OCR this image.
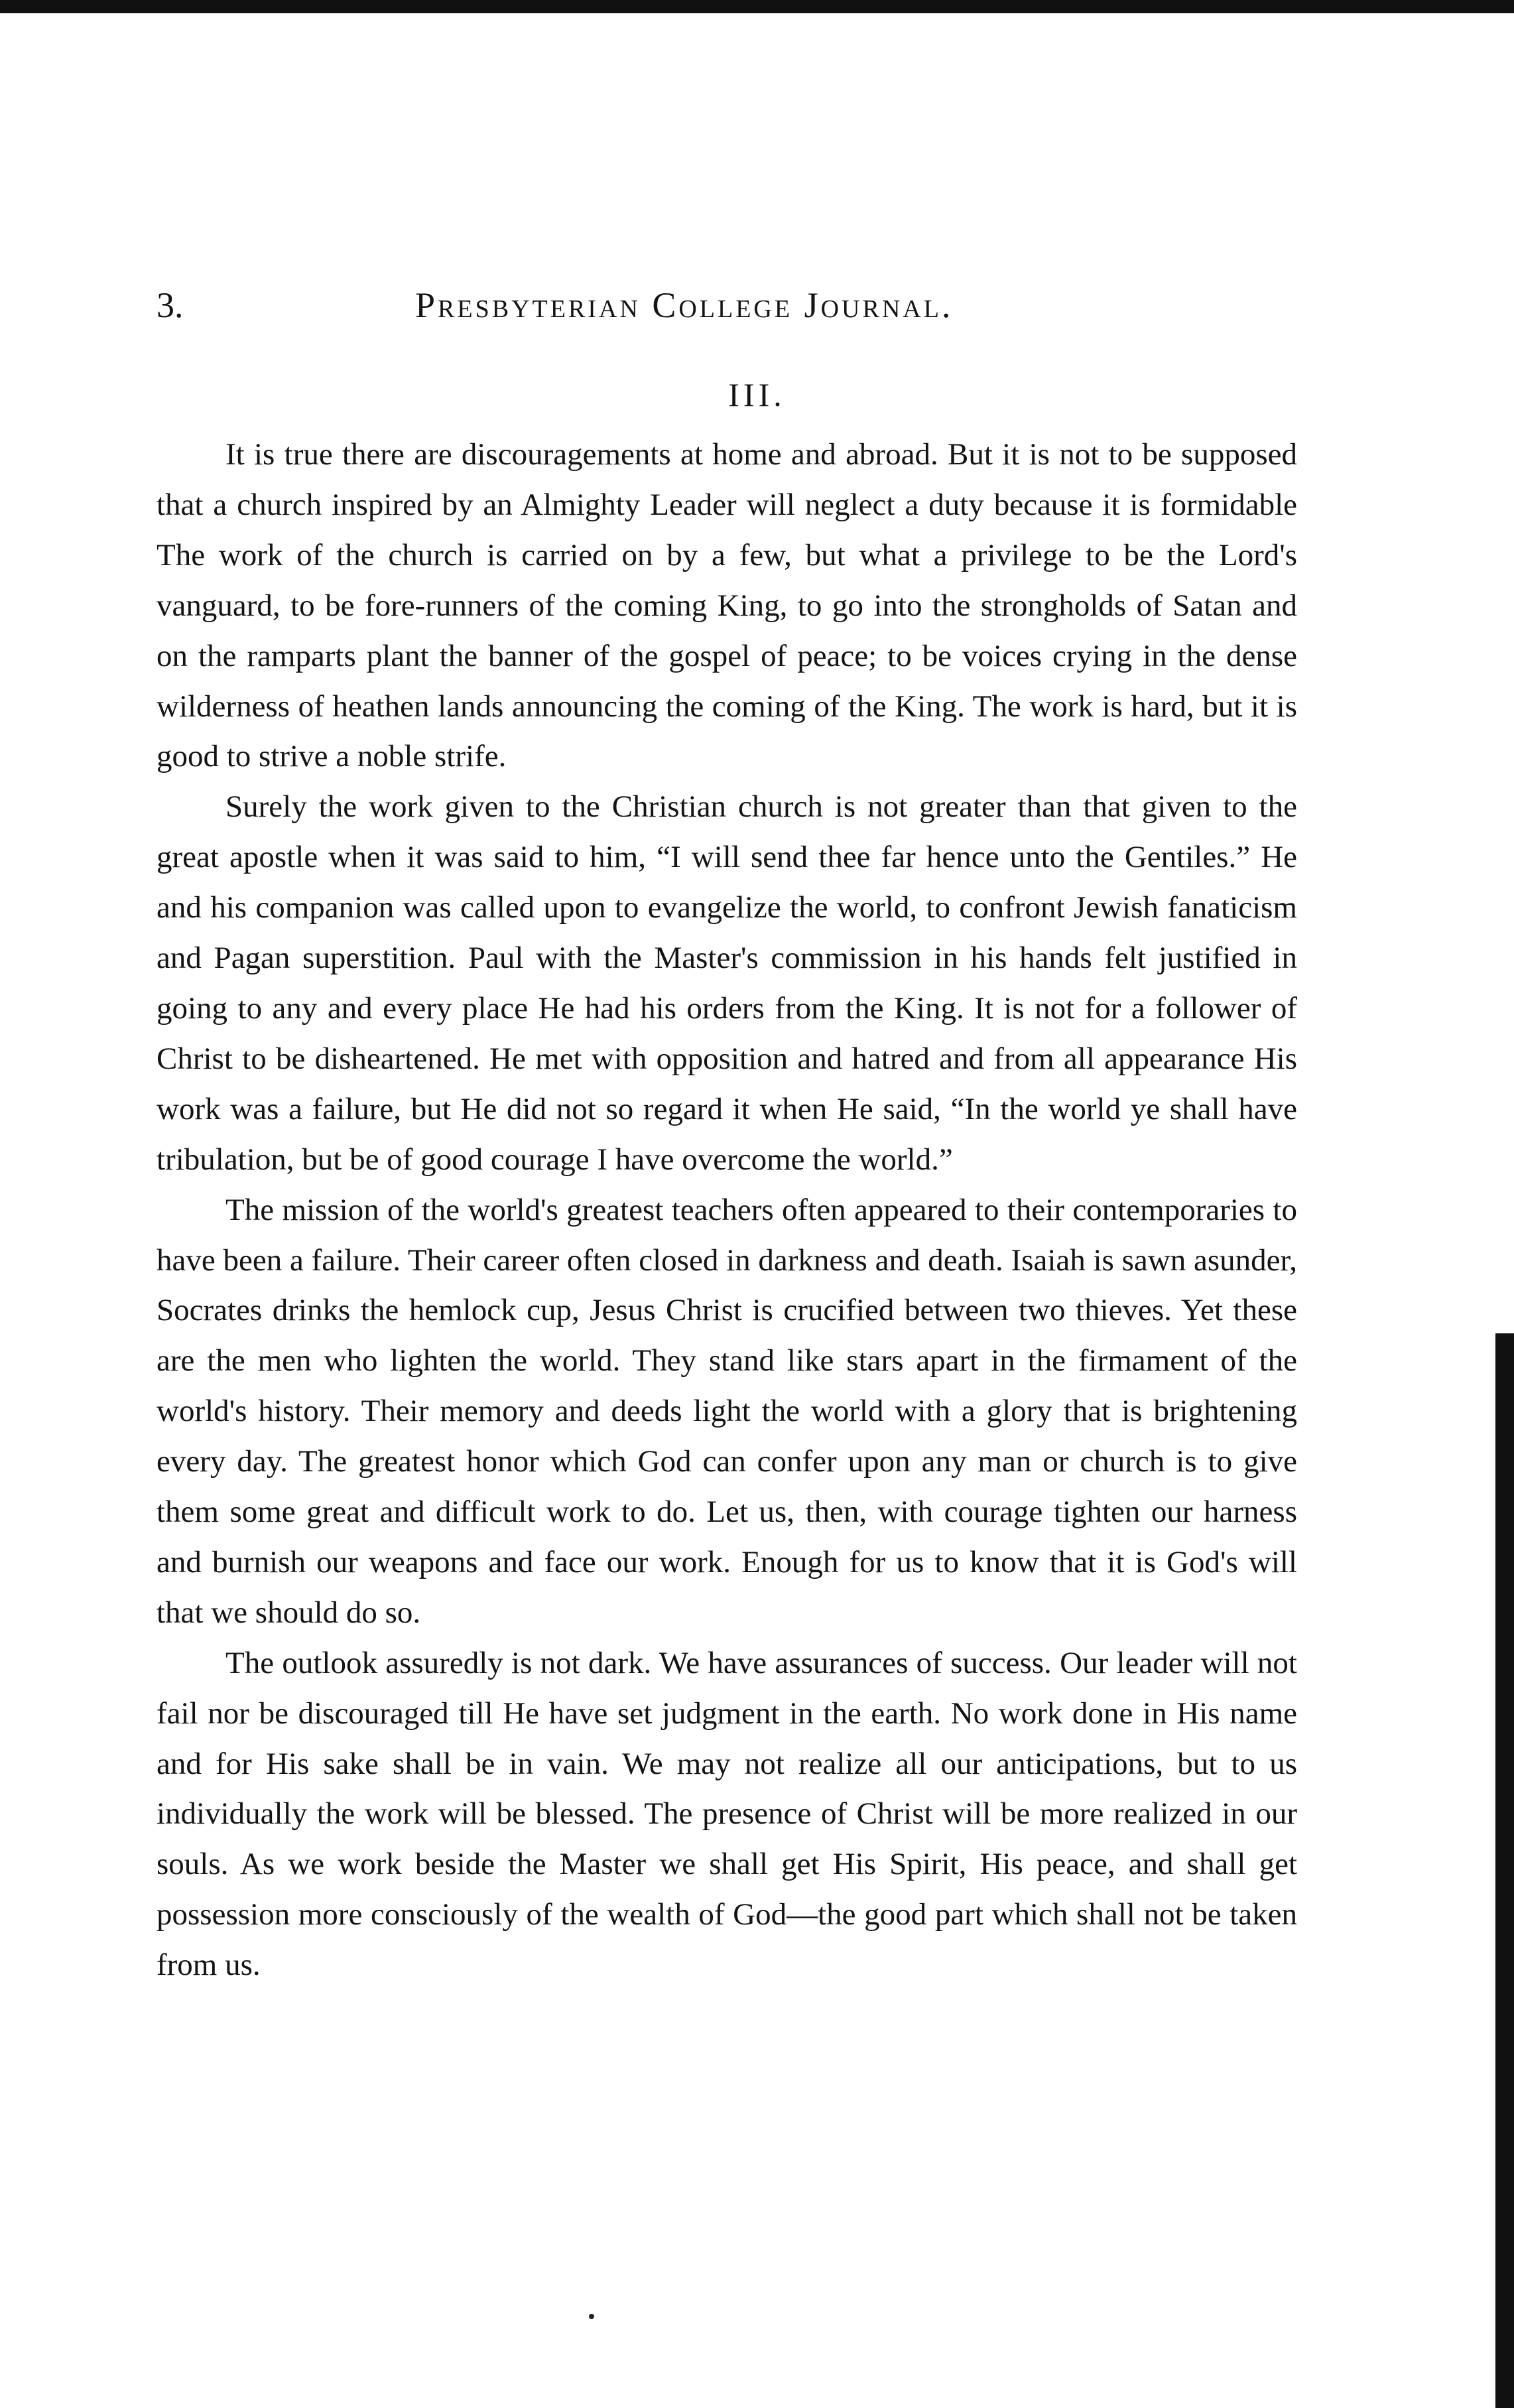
3.	Presbyterian College Journal.
III.

It is true there are discouragements at home and abroad. But it is not to be supposed that a church inspired by an Almighty Leader will neglect a duty because it is formidable The work of the church is carried on by a few, but what a privilege to be the Lord's vanguard, to be fore-runners of the coming King, to go into the strongholds of Satan and on the ramparts plant the banner of the gospel of peace; to be voices crying in the dense wilderness of heathen lands announcing the coming of the King. The work is hard, but it is good to strive a noble strife.

Surely the work given to the Christian church is not greater than that given to the great apostle when it was said to him, “I will send thee far hence unto the Gentiles.” He and his companion was called upon to evangelize the world, to confront Jewish fanaticism and Pagan superstition. Paul with the Master's commission in his hands felt justified in going to any and every place He had his orders from the King. It is not for a follower of Christ to be disheartened. He met with opposition and hatred and from all appearance His work was a failure, but He did not so regard it when He said, “In the world ye shall have tribulation, but be of good courage I have overcome the world.”

The mission of the world's greatest teachers often appeared to their contemporaries to have been a failure. Their career often closed in darkness and death. Isaiah is sawn asunder, Socrates drinks the hemlock cup, Jesus Christ is crucified between two thieves. Yet these are the men who lighten the world. They stand like stars apart in the firmament of the world's history. Their memory and deeds light the world with a glory that is brightening every day. The greatest honor which God can confer upon any man or church is to give them some great and difficult work to do. Let us, then, with courage tighten our harness and burnish our weapons and face our work. Enough for us to know that it is God's will that we should do so.

The outlook assuredly is not dark. We have assurances of success. Our leader will not fail nor be discouraged till He have set judgment in the earth. No work done in His name and for His sake shall be in vain. We may not realize all our anticipations, but to us individually the work will be blessed. The presence of Christ will be more realized in our souls. As we work beside the Master we shall get His Spirit, His peace, and shall get possession more consciously of the wealth of God—the good part which shall not be taken from us.
